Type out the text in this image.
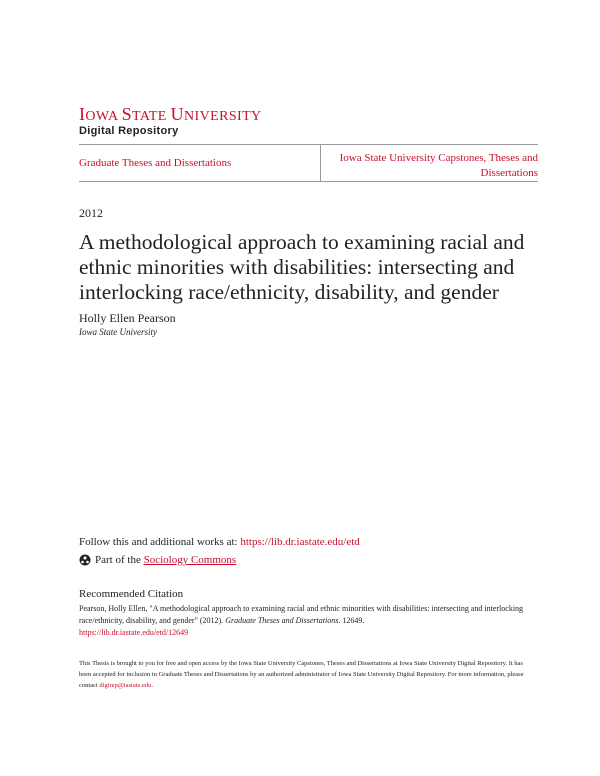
IOWA STATE UNIVERSITY
Digital Repository
Graduate Theses and Dissertations	Iowa State University Capstones, Theses and Dissertations
2012
A methodological approach to examining racial and ethnic minorities with disabilities: intersecting and interlocking race/ethnicity, disability, and gender
Holly Ellen Pearson
Iowa State University
Follow this and additional works at: https://lib.dr.iastate.edu/etd
Part of the Sociology Commons
Recommended Citation
Pearson, Holly Ellen, "A methodological approach to examining racial and ethnic minorities with disabilities: intersecting and interlocking race/ethnicity, disability, and gender" (2012). Graduate Theses and Dissertations. 12649.
https://lib.dr.iastate.edu/etd/12649
This Thesis is brought to you for free and open access by the Iowa State University Capstones, Theses and Dissertations at Iowa State University Digital Repository. It has been accepted for inclusion in Graduate Theses and Dissertations by an authorized administrator of Iowa State University Digital Repository. For more information, please contact digirep@iastate.edu.
